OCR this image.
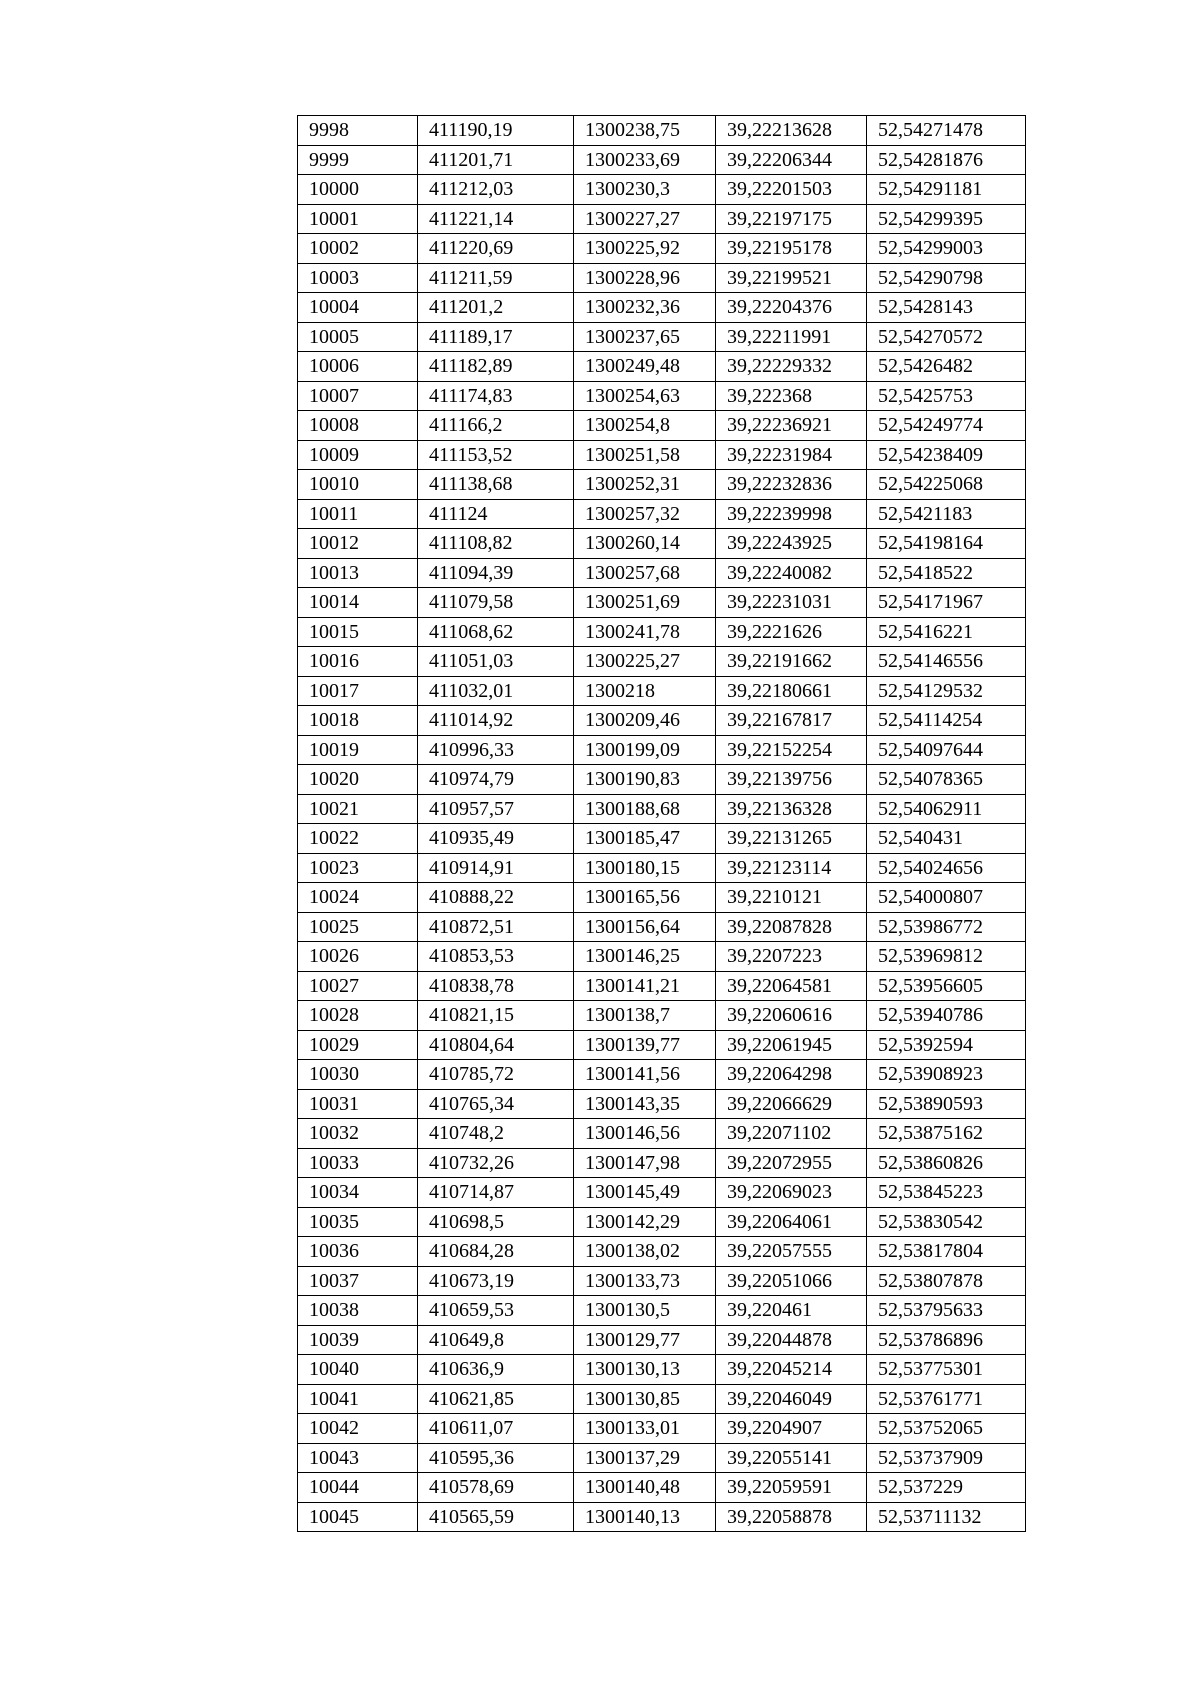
9998	411190,19	1300238,75	39,22213628	52,54271478
9999	411201,71	1300233,69	39,22206344	52,54281876
10000	411212,03	1300230,3	39,22201503	52,54291181
10001	411221,14	1300227,27	39,22197175	52,54299395
10002	411220,69	1300225,92	39,22195178	52,54299003
10003	411211,59	1300228,96	39,22199521	52,54290798
10004	411201,2	1300232,36	39,22204376	52,5428143
10005	411189,17	1300237,65	39,22211991	52,54270572
10006	411182,89	1300249,48	39,22229332	52,5426482
10007	411174,83	1300254,63	39,222368	52,5425753
10008	411166,2	1300254,8	39,22236921	52,54249774
10009	411153,52	1300251,58	39,22231984	52,54238409
10010	411138,68	1300252,31	39,22232836	52,54225068
10011	411124	1300257,32	39,22239998	52,5421183
10012	411108,82	1300260,14	39,22243925	52,54198164
10013	411094,39	1300257,68	39,22240082	52,5418522
10014	411079,58	1300251,69	39,22231031	52,54171967
10015	411068,62	1300241,78	39,2221626	52,5416221
10016	411051,03	1300225,27	39,22191662	52,54146556
10017	411032,01	1300218	39,22180661	52,54129532
10018	411014,92	1300209,46	39,22167817	52,54114254
10019	410996,33	1300199,09	39,22152254	52,54097644
10020	410974,79	1300190,83	39,22139756	52,54078365
10021	410957,57	1300188,68	39,22136328	52,54062911
10022	410935,49	1300185,47	39,22131265	52,540431
10023	410914,91	1300180,15	39,22123114	52,54024656
10024	410888,22	1300165,56	39,2210121	52,54000807
10025	410872,51	1300156,64	39,22087828	52,53986772
10026	410853,53	1300146,25	39,2207223	52,53969812
10027	410838,78	1300141,21	39,22064581	52,53956605
10028	410821,15	1300138,7	39,22060616	52,53940786
10029	410804,64	1300139,77	39,22061945	52,5392594
10030	410785,72	1300141,56	39,22064298	52,53908923
10031	410765,34	1300143,35	39,22066629	52,53890593
10032	410748,2	1300146,56	39,22071102	52,53875162
10033	410732,26	1300147,98	39,22072955	52,53860826
10034	410714,87	1300145,49	39,22069023	52,53845223
10035	410698,5	1300142,29	39,22064061	52,53830542
10036	410684,28	1300138,02	39,22057555	52,53817804
10037	410673,19	1300133,73	39,22051066	52,53807878
10038	410659,53	1300130,5	39,220461	52,53795633
10039	410649,8	1300129,77	39,22044878	52,53786896
10040	410636,9	1300130,13	39,22045214	52,53775301
10041	410621,85	1300130,85	39,22046049	52,53761771
10042	410611,07	1300133,01	39,2204907	52,53752065
10043	410595,36	1300137,29	39,22055141	52,53737909
10044	410578,69	1300140,48	39,22059591	52,537229
10045	410565,59	1300140,13	39,22058878	52,53711132
